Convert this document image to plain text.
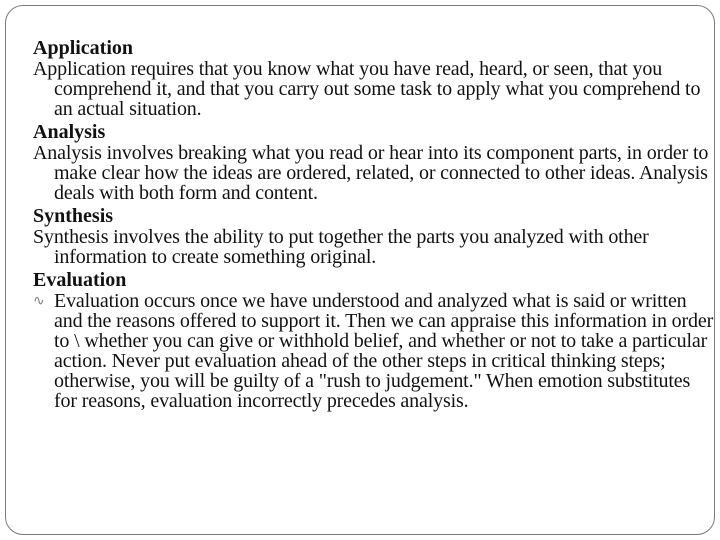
Application
Application requires that you know what you have read, heard, or seen, that you comprehend it, and that you carry out some task to apply what you comprehend to an actual situation.
Analysis
Analysis involves breaking what you read or hear into its component parts, in order to make clear how the ideas are ordered, related, or connected to other ideas. Analysis deals with both form and content.
Synthesis
Synthesis involves the ability to put together the parts you analyzed with other information to create something original.
Evaluation
∿ Evaluation occurs once we have understood and analyzed what is said or written and the reasons offered to support it. Then we can appraise this information in order to \ whether you can give or withhold belief, and whether or not to take a particular action. Never put evaluation ahead of the other steps in critical thinking steps; otherwise, you will be guilty of a "rush to judgement." When emotion substitutes for reasons, evaluation incorrectly precedes analysis.
